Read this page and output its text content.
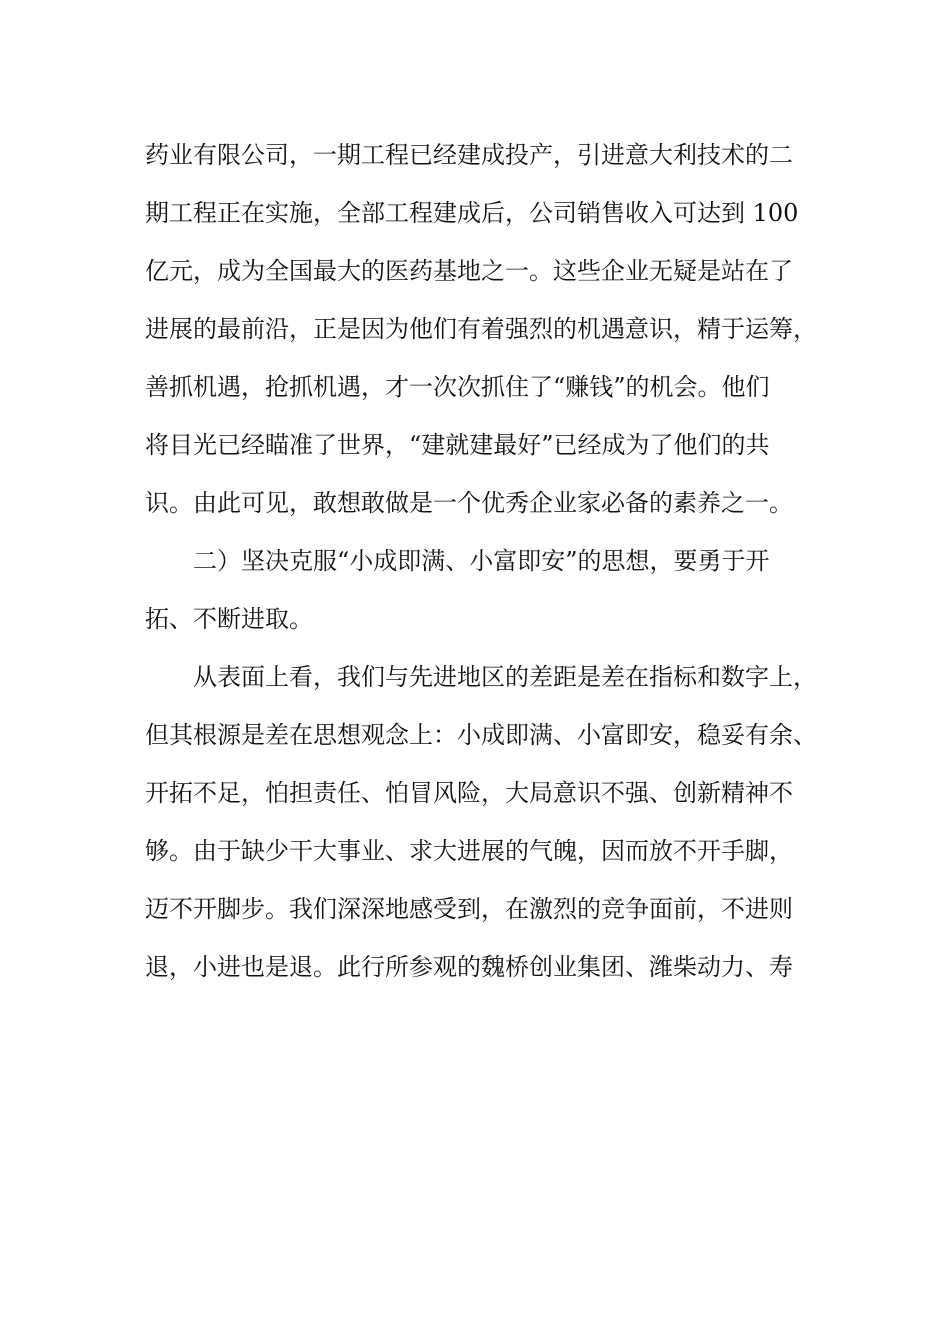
药业有限公司，一期工程已经建成投产，引进意大利技术的二
期工程正在实施，全部工程建成后，公司销售收入可达到 100
亿元，成为全国最大的医药基地之一。这些企业无疑是站在了
进展的最前沿，正是因为他们有着强烈的机遇意识，精于运筹，
善抓机遇，抢抓机遇，才一次次抓住了“赚钱”的机会。他们
将目光已经瞄准了世界，“建就建最好”已经成为了他们的共
识。由此可见，敢想敢做是一个优秀企业家必备的素养之一。
二）坚决克服“小成即满、小富即安”的思想，要勇于开
拓、不断进取。
从表面上看，我们与先进地区的差距是差在指标和数字上，
但其根源是差在思想观念上：小成即满、小富即安，稳妥有余、
开拓不足，怕担责任、怕冒风险，大局意识不强、创新精神不
够。由于缺少干大事业、求大进展的气魄，因而放不开手脚，
迈不开脚步。我们深深地感受到，在激烈的竞争面前，不进则
退，小进也是退。此行所参观的魏桥创业集团、潍柴动力、寿
